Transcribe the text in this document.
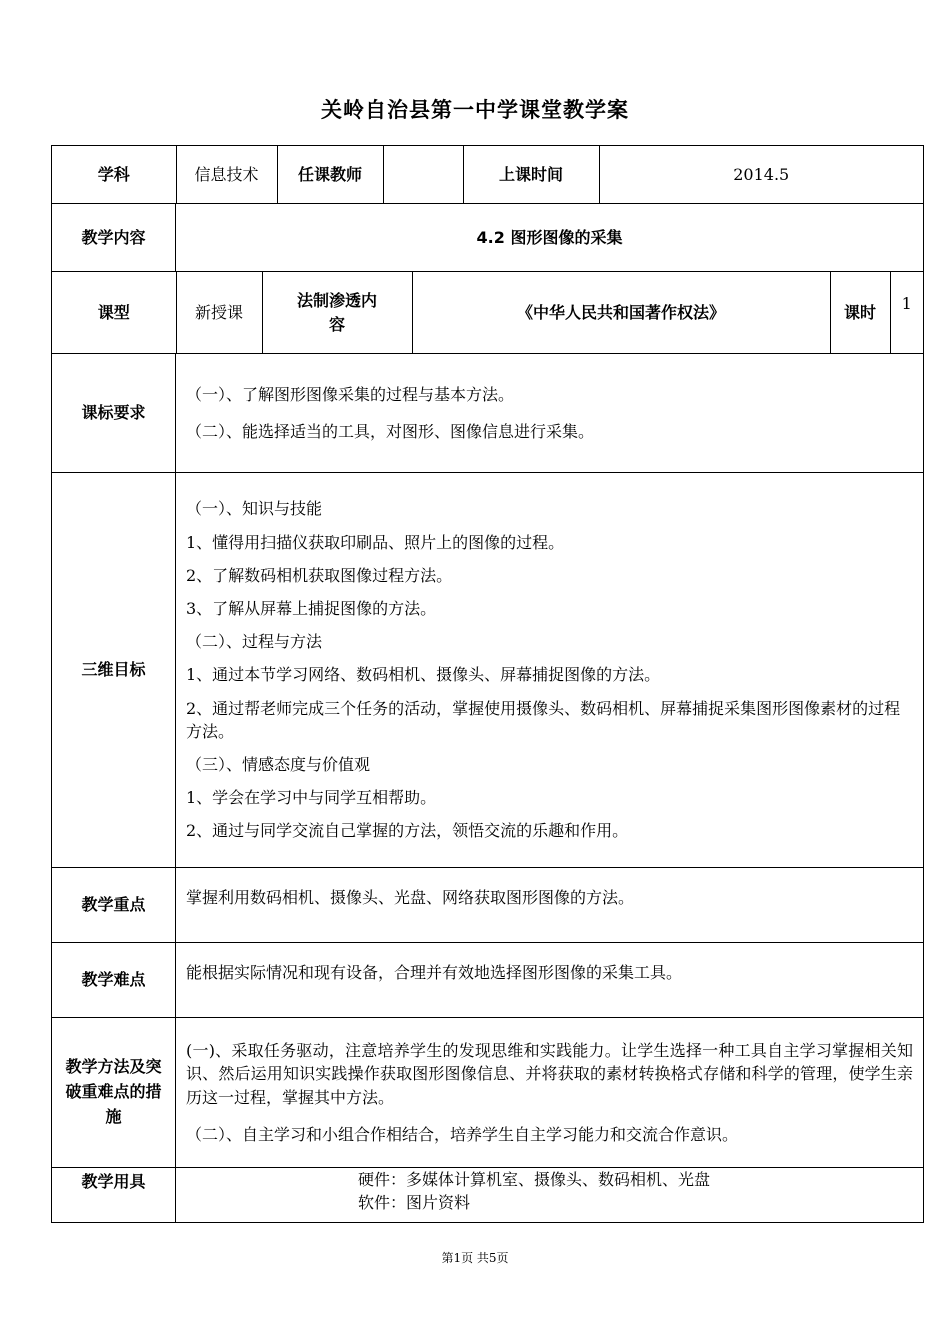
关岭自治县第一中学课堂教学案
学科	信息技术	任课教师		上课时间	2014.5

教学内容	4.2 图形图像的采集

课型	新授课	法制渗透内容	《中华人民共和国著作权法》	课时	1

课标要求	

（一）、了解图形图像采集的过程与基本方法。

（二）、能选择适当的工具，对图形、图像信息进行采集。

三维目标	

（一）、知识与技能

1、懂得用扫描仪获取印刷品、照片上的图像的过程。

2、了解数码相机获取图像过程方法。

3、了解从屏幕上捕捉图像的方法。

（二）、过程与方法

1、通过本节学习网络、数码相机、摄像头、屏幕捕捉图像的方法。

2、通过帮老师完成三个任务的活动，掌握使用摄像头、数码相机、屏幕捕捉采集图形图像素材的过程方法。

（三）、情感态度与价值观

1、学会在学习中与同学互相帮助。

2、通过与同学交流自己掌握的方法，领悟交流的乐趣和作用。

教学重点	掌握利用数码相机、摄像头、光盘、网络获取图形图像的方法。
教学难点	能根据实际情况和现有设备，合理并有效地选择图形图像的采集工具。
教学方法及突破重难点的措施	

(一)、采取任务驱动，注意培养学生的发现思维和实践能力。让学生选择一种工具自主学习掌握相关知识、然后运用知识实践操作获取图形图像信息、并将获取的素材转换格式存储和科学的管理，使学生亲历这一过程，掌握其中方法。

（二）、自主学习和小组合作相结合，培养学生自主学习能力和交流合作意识。

教学用具	硬件：多媒体计算机室、摄像头、数码相机、光盘

软件：图片资料

第1页 共5页
